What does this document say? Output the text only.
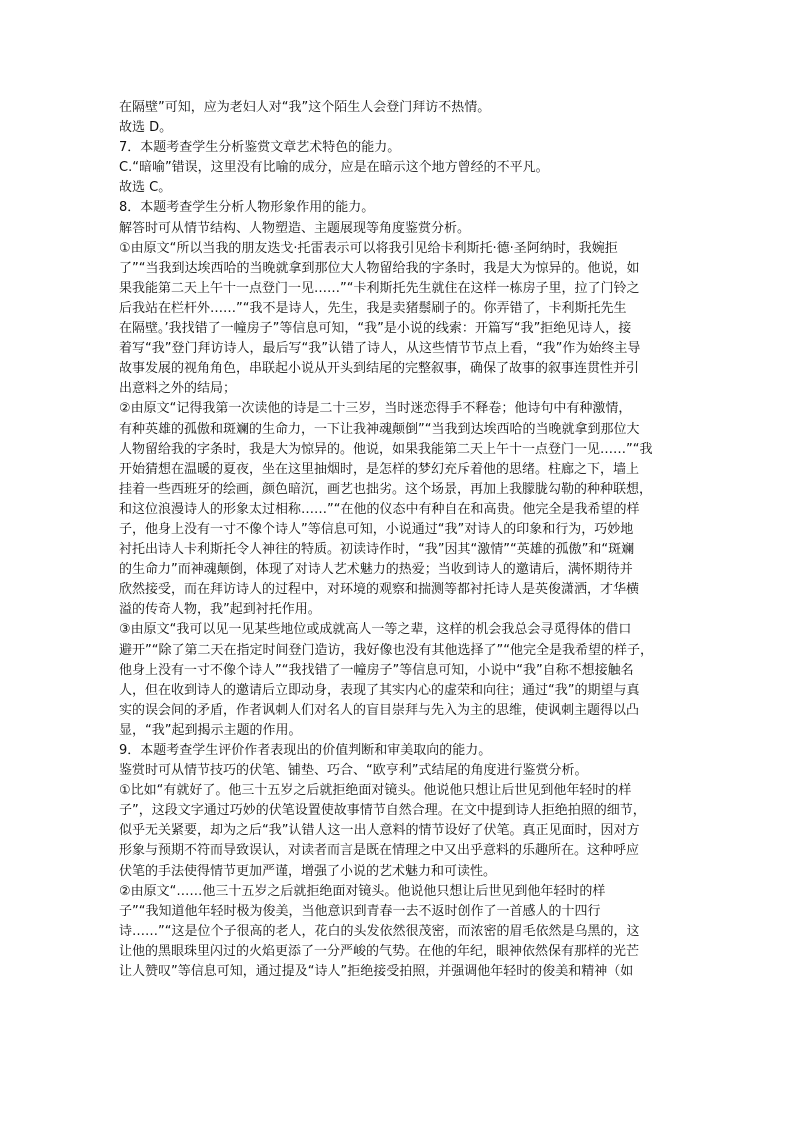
在隔壁”可知，应为老妇人对“我”这个陌生人会登门拜访不热情。
故选 D。
7．本题考查学生分析鉴赏文章艺术特色的能力。
C.“暗喻”错误，这里没有比喻的成分，应是在暗示这个地方曾经的不平凡。
故选 C。
8．本题考查学生分析人物形象作用的能力。
解答时可从情节结构、人物塑造、主题展现等角度鉴赏分析。
①由原文“所以当我的朋友迭戈·托雷表示可以将我引见给卡利斯托·德·圣阿纳时，我婉拒
了”“当我到达埃西哈的当晚就拿到那位大人物留给我的字条时，我是大为惊异的。他说，如
果我能第二天上午十一点登门一见……”“卡利斯托先生就住在这样一栋房子里，拉了门铃之
后我站在栏杆外……”“我不是诗人，先生，我是卖猪鬃刷子的。你弄错了，卡利斯托先生
在隔壁。’我找错了一幢房子”等信息可知，“我”是小说的线索：开篇写“我”拒绝见诗人，接
着写“我”登门拜访诗人，最后写“我”认错了诗人，从这些情节节点上看，“我”作为始终主导
故事发展的视角角色，串联起小说从开头到结尾的完整叙事，确保了故事的叙事连贯性并引
出意料之外的结局；
②由原文“记得我第一次读他的诗是二十三岁，当时迷恋得手不释卷；他诗句中有种激情，
有种英雄的孤傲和斑斓的生命力，一下让我神魂颠倒”“当我到达埃西哈的当晚就拿到那位大
人物留给我的字条时，我是大为惊异的。他说，如果我能第二天上午十一点登门一见……”“我
开始猜想在温暖的夏夜，坐在这里抽烟时，是怎样的梦幻充斥着他的思绪。柱廊之下，墙上
挂着一些西班牙的绘画，颜色暗沉，画艺也拙劣。这个场景，再加上我朦胧勾勒的种种联想，
和这位浪漫诗人的形象太过相称……”“在他的仪态中有种自在和高贵。他完全是我希望的样
子，他身上没有一寸不像个诗人”等信息可知，小说通过“我”对诗人的印象和行为，巧妙地
衬托出诗人卡利斯托令人神往的特质。初读诗作时，“我”因其“激情”“英雄的孤傲”和“斑斓
的生命力”而神魂颠倒，体现了对诗人艺术魅力的热爱；当收到诗人的邀请后，满怀期待并
欣然接受，而在拜访诗人的过程中，对环境的观察和揣测等都衬托诗人是英俊潇洒，才华横
溢的传奇人物，我”起到衬托作用。
③由原文“我可以见一见某些地位或成就高人一等之辈，这样的机会我总会寻觅得体的借口
避开”“除了第二天在指定时间登门造访，我好像也没有其他选择了”“他完全是我希望的样子，
他身上没有一寸不像个诗人”“我找错了一幢房子”等信息可知，小说中“我”自称不想接触名
人，但在收到诗人的邀请后立即动身，表现了其实内心的虚荣和向往；通过“我”的期望与真
实的误会间的矛盾，作者讽刺人们对名人的盲目崇拜与先入为主的思维，使讽刺主题得以凸
显，“我”起到揭示主题的作用。
9．本题考查学生评价作者表现出的价值判断和审美取向的能力。
鉴赏时可从情节技巧的伏笔、铺垫、巧合、“欧亨利”式结尾的角度进行鉴赏分析。
①比如“有就好了。他三十五岁之后就拒绝面对镜头。他说他只想让后世见到他年轻时的样
子”，这段文字通过巧妙的伏笔设置使故事情节自然合理。在文中提到诗人拒绝拍照的细节，
似乎无关紧要，却为之后“我”认错人这一出人意料的情节设好了伏笔。真正见面时，因对方
形象与预期不符而导致误认，对读者而言是既在情理之中又出乎意料的乐趣所在。这种呼应
伏笔的手法使得情节更加严谨，增强了小说的艺术魅力和可读性。
②由原文“……他三十五岁之后就拒绝面对镜头。他说他只想让后世见到他年轻时的样
子”“我知道他年轻时极为俊美，当他意识到青春一去不返时创作了一首感人的十四行
诗……”“这是位个子很高的老人，花白的头发依然很茂密，而浓密的眉毛依然是乌黑的，这
让他的黑眼珠里闪过的火焰更添了一分严峻的气势。在他的年纪，眼神依然保有那样的光芒
让人赞叹”等信息可知，通过提及“诗人”拒绝接受拍照，并强调他年轻时的俊美和精神（如
